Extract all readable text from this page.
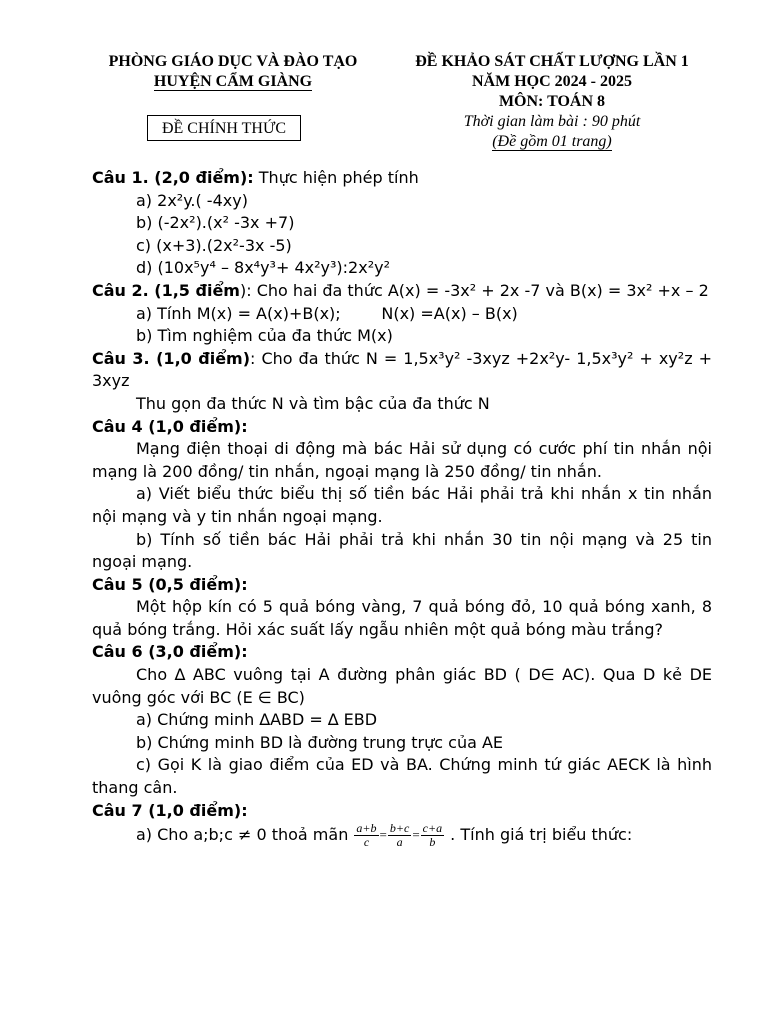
PHÒNG GIÁO DỤC VÀ ĐÀO TẠO
HUYỆN CẨM GIÀNG
ĐỀ KHẢO SÁT CHẤT LƯỢNG LẦN 1
NĂM HỌC 2024 - 2025
MÔN: TOÁN 8
Thời gian làm bài : 90 phút
(Đề gồm 01 trang)
ĐỀ CHÍNH THỨC

Câu 1. (2,0 điểm): Thực hiện phép tính

a) 2x²y.( -4xy)

b) (-2x²).(x² -3x +7)

c) (x+3).(2x²-3x -5)

d) (10x⁵y⁴ – 8x⁴y³+ 4x²y³):2x²y²

Câu 2. (1,5 điểm): Cho hai đa thức A(x) = -3x² + 2x -7 và B(x) = 3x² +x – 2

a) Tính M(x) = A(x)+B(x);        N(x) =A(x) – B(x)

b) Tìm nghiệm của đa thức M(x)

Câu 3. (1,0 điểm): Cho đa thức N = 1,5x³y² -3xyz +2x²y- 1,5x³y² + xy²z + 3xyz

Thu gọn đa thức N và tìm bậc của đa thức N

Câu 4 (1,0 điểm):

Mạng điện thoại di động mà bác Hải sử dụng có cước phí tin nhắn nội mạng là 200 đồng/ tin nhắn, ngoại mạng là 250 đồng/ tin nhắn.

a) Viết biểu thức biểu thị số tiền bác Hải phải trả khi nhắn x tin nhắn nội mạng và y tin nhắn ngoại mạng.

b) Tính số tiền bác Hải phải trả khi nhắn 30 tin nội mạng và 25 tin ngoại mạng.

Câu 5 (0,5 điểm):

Một hộp kín có 5 quả bóng vàng, 7 quả bóng đỏ, 10 quả bóng xanh, 8 quả bóng trắng. Hỏi xác suất lấy ngẫu nhiên một quả bóng màu trắng?

Câu 6 (3,0 điểm):

Cho ∆ ABC vuông tại A đường phân giác BD ( D∈ AC). Qua D kẻ DE vuông góc với BC (E ∈ BC)

a) Chứng minh ∆ABD = ∆ EBD

b) Chứng minh BD là đường trung trực của AE

c) Gọi K là giao điểm của ED và BA. Chứng minh tứ giác AECK là hình thang cân.

Câu 7 (1,0 điểm):

a) Cho a;b;c ≠ 0 thoả mãn $\frac{a+b}{c} = \frac{b+c}{a} = \frac{c+a}{b}$ . Tính giá trị biểu thức:
